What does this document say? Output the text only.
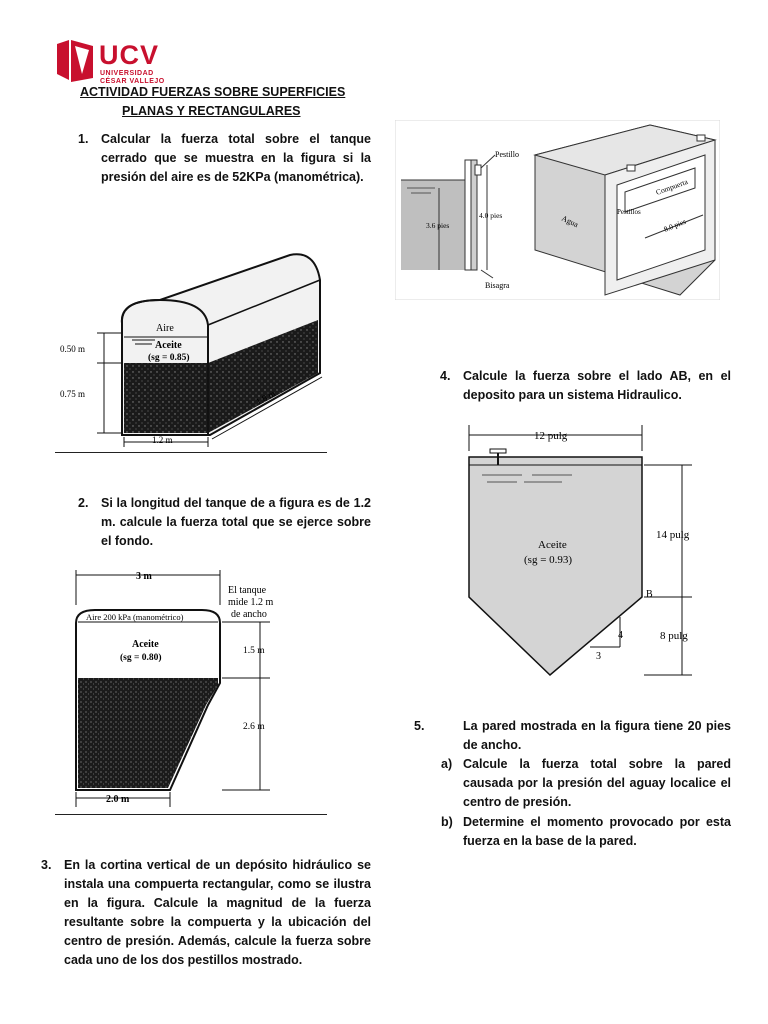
UCV
UNIVERSIDAD
CÉSAR VALLEJO
ACTIVIDAD FUERZAS SOBRE SUPERFICIES
PLANAS Y RECTANGULARES
1. Calcular la fuerza total sobre el tanque cerrado que se muestra en la figura si la presión del aire es de 52KPa (manométrica).
Aire
Aceite
(sg = 0.85)
0.50 m
0.75 m
1.2 m
1.8 m
2. Si la longitud del tanque de a figura es de 1.2 m. calcule la fuerza total que se ejerce sobre el fondo.
3 m
Aire 200 kPa (manométrico)
Aceite
(sg = 0.80)
El tanque
mide 1.2 m
de ancho
1.5 m
2.6 m
2.0 m
3. En la cortina vertical de un depósito hidráulico se instala una compuerta rectangular, como se ilustra en la figura. Calcule la magnitud de la fuerza resultante sobre la compuerta y la ubicación del centro de presión. Además, calcule la fuerza sobre cada uno de los dos pestillos mostrado.
Pestillo
3.6 pies
4.0 pies
Bisagra
Compuerta
Agua
Pestillos
8.0 pies
4. Calcule la fuerza sobre el lado AB, en el deposito para un sistema Hidraulico.
12 pulg
Aceite
(sg = 0.93)
14 pulg
8 pulg
B
4
3
5.	La pared mostrada en la figura tiene 20 pies de ancho.
a) Calcule la fuerza total sobre la pared causada por la presión del aguay localice el centro de presión.
b) Determine el momento provocado por esta fuerza en la base de la pared.
